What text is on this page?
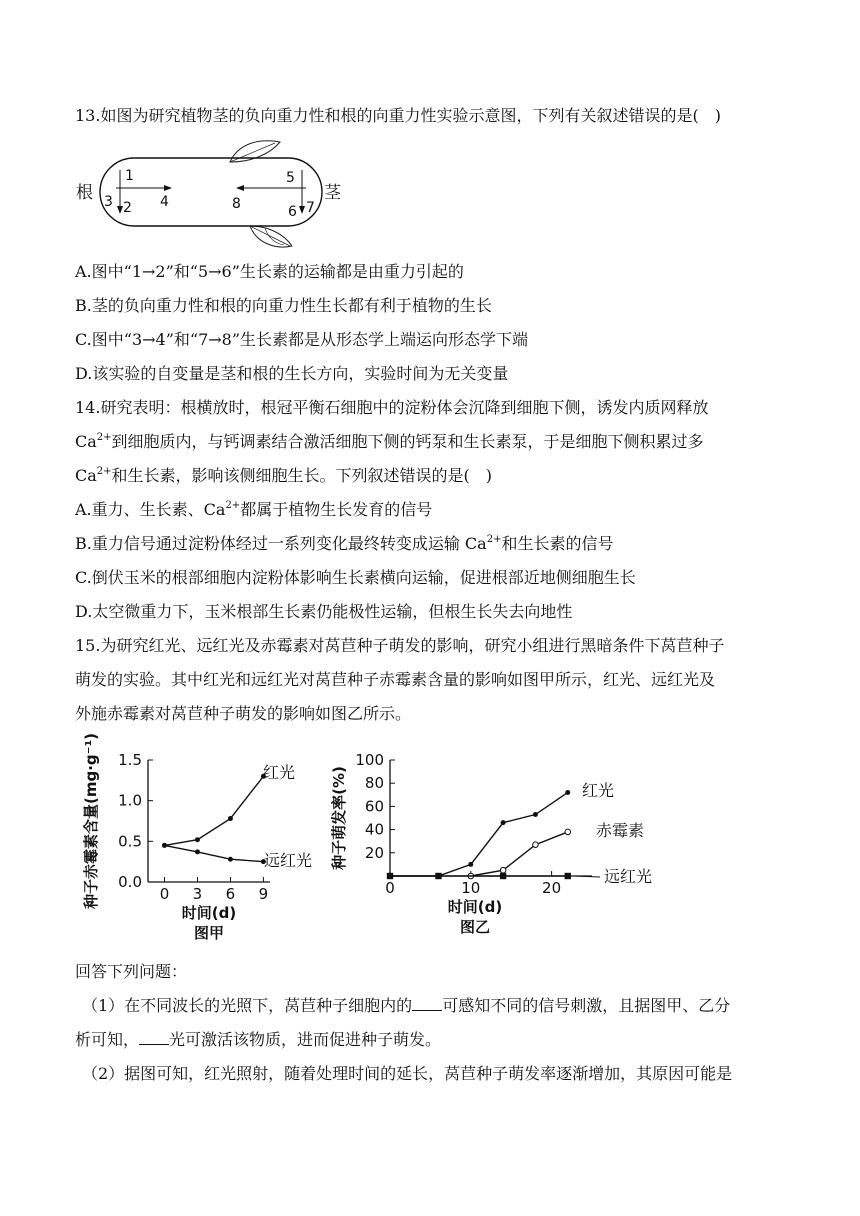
13.如图为研究植物茎的负向重力性和根的向重力性实验示意图，下列有关叙述错误的是(　)
根	茎
1
3 2 4
5
8	6 7
A.图中“1→2”和“5→6”生长素的运输都是由重力引起的
B.茎的负向重力性和根的向重力性生长都有利于植物的生长
C.图中“3→4”和“7→8”生长素都是从形态学上端运向形态学下端
D.该实验的自变量是茎和根的生长方向，实验时间为无关变量
14.研究表明：根横放时，根冠平衡石细胞中的淀粉体会沉降到细胞下侧，诱发内质网释放
$Ca^{2+}$到细胞质内，与钙调素结合激活细胞下侧的钙泵和生长素泵，于是细胞下侧积累过多
$Ca^{2+}$和生长素，影响该侧细胞生长。下列叙述错误的是(　)
A.重力、生长素、$Ca^{2+}$都属于植物生长发育的信号
B.重力信号通过淀粉体经过一系列变化最终转变成运输 $Ca^{2+}$和生长素的信号
C.倒伏玉米的根部细胞内淀粉体影响生长素横向运输，促进根部近地侧细胞生长
D.太空微重力下，玉米根部生长素仍能极性运输，但根生长失去向地性
15.为研究红光、远红光及赤霉素对莴苣种子萌发的影响，研究小组进行黑暗条件下莴苣种子
萌发的实验。其中红光和远红光对莴苣种子赤霉素含量的影响如图甲所示，红光、远红光及
外施赤霉素对莴苣种子萌发的影响如图乙所示。
0.0
0.5
1.0
1.5
0 3 6 9
时间(d)
图甲
种子赤霉素含量(mg·g⁻¹)	红光
远红光	20
40
60
80
100
0	10	20
时间(d)
图乙
种子萌发率(%)	红光
赤霉素
远红光
回答下列问题：
（1）在不同波长的光照下，莴苣种子细胞内的 可感知不同的信号刺激，且据图甲、乙分
析可知， 光可激活该物质，进而促进种子萌发。
（2）据图可知，红光照射，随着处理时间的延长，莴苣种子萌发率逐渐增加，其原因可能是
